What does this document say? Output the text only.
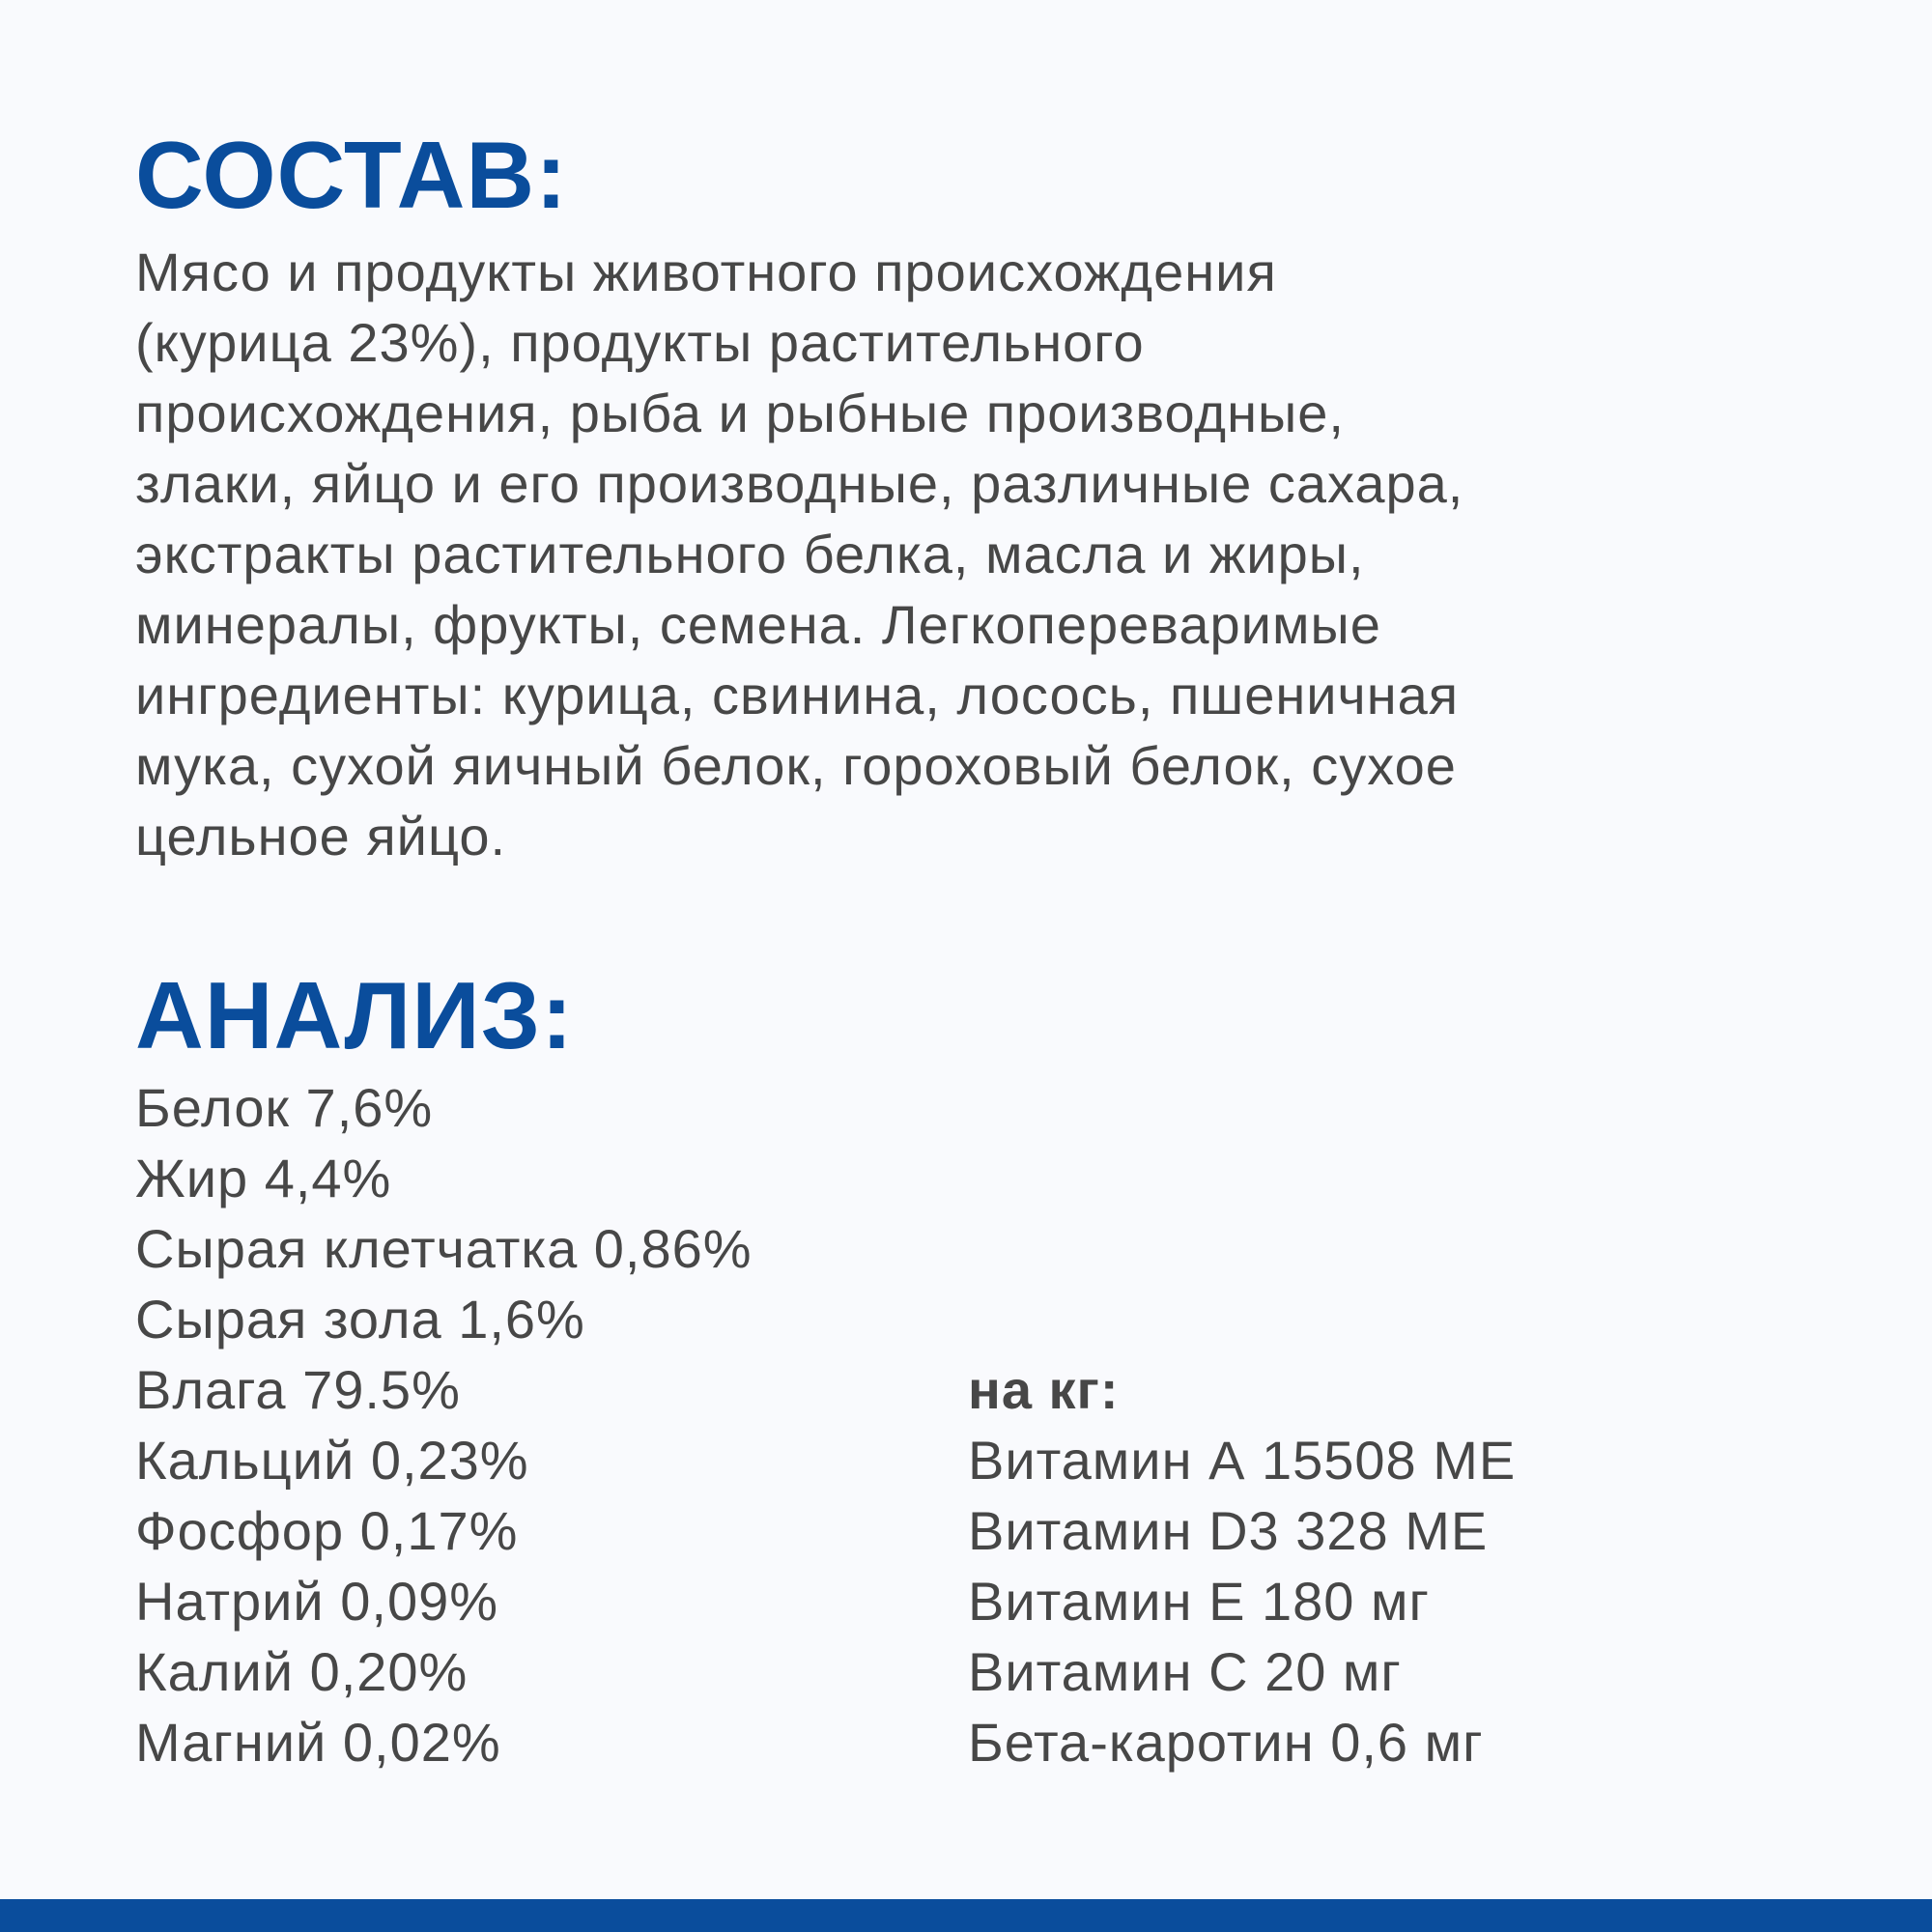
СОСТАВ:
Мясо и продукты животного происхождения
(курица 23%), продукты растительного
происхождения, рыба и рыбные производные,
злаки, яйцо и его производные, различные сахара,
экстракты растительного белка, масла и жиры,
минералы, фрукты, семена. Легкопереваримые
ингредиенты: курица, свинина, лосось, пшеничная
мука, сухой яичный белок, гороховый белок, сухое
цельное яйцо.
АНАЛИЗ:
Белок 7,6%
Жир 4,4%
Сырая клетчатка 0,86%
Сырая зола 1,6%
Влага 79.5%
Кальций 0,23%
Фосфор 0,17%
Натрий 0,09%
Калий 0,20%
Магний 0,02%
на кг:
Витамин А 15508 МЕ
Витамин D3 328 МЕ
Витамин Е 180 мг
Витамин С 20 мг
Бета-каротин 0,6 мг
